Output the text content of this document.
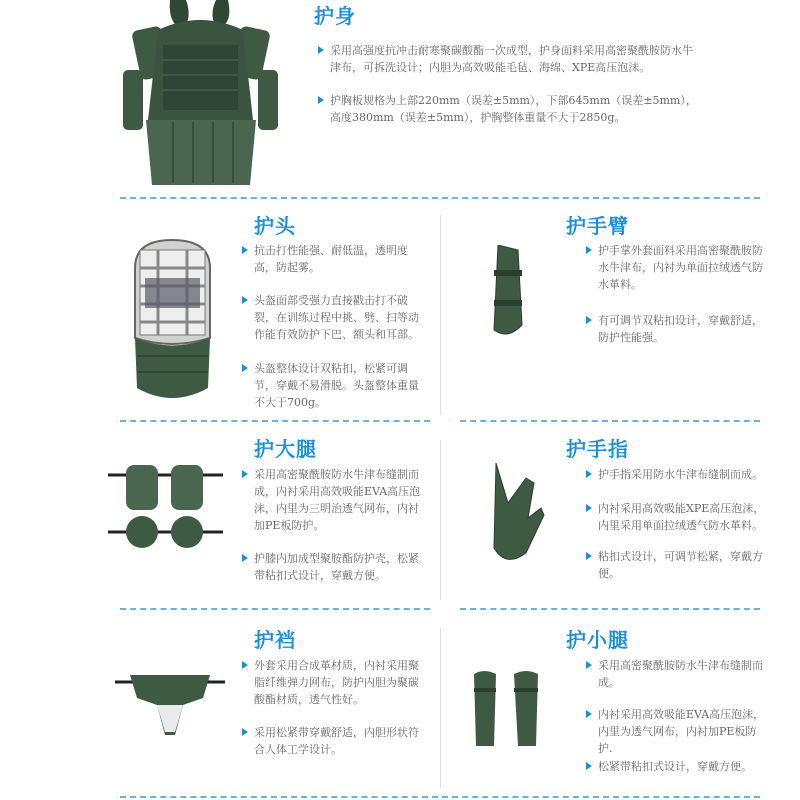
护身
采用高强度抗冲击耐寒聚碳酸酯一次成型，护身面料采用高密聚酰胺防水牛津布，可拆洗设计；内胆为高效吸能毛毡、海绵、XPE高压泡沫。
护胸板规格为上部220mm（误差±5mm），下部645mm（误差±5mm），高度380mm（误差±5mm），护胸整体重量不大于2850g。
护头
抗击打性能强、耐低温，透明度高，防起雾。
头盔面部受强力直接戳击打不破裂，在训练过程中挑、劈、扫等动作能有效防护下巴、额头和耳部。
头盔整体设计双粘扣，松紧可调节，穿戴不易滑脱。头盔整体重量不大于700g。
护手臂
护手掌外套面料采用高密聚酰胺防水牛津布，内衬为单面拉绒透气防水革料。
有可调节双粘扣设计，穿戴舒适，防护性能强。
护大腿
采用高密聚酰胺防水牛津布缝制而成，内衬采用高效吸能EVA高压泡沫，内里为三明治透气网布，内衬加PE板防护。
护膝内加成型聚胺酯防护壳，松紧带粘扣式设计，穿戴方便。
护手指
护手指采用防水牛津布缝制而成。
内衬采用高效吸能XPE高压泡沫，内里采用单面拉绒透气防水革料。
粘扣式设计，可调节松紧，穿戴方便。
护裆
外套采用合成革材质，内衬采用聚脂纤维弹力网布，防护内胆为聚碳酸酯材质，透气性好。
采用松紧带穿戴舒适，内胆形状符合人体工学设计。
护小腿
采用高密聚酰胺防水牛津布缝制而成。
内衬采用高效吸能EVA高压泡沫，内里为透气网布，内衬加PE板防护.
松紧带粘扣式设计，穿戴方便。
